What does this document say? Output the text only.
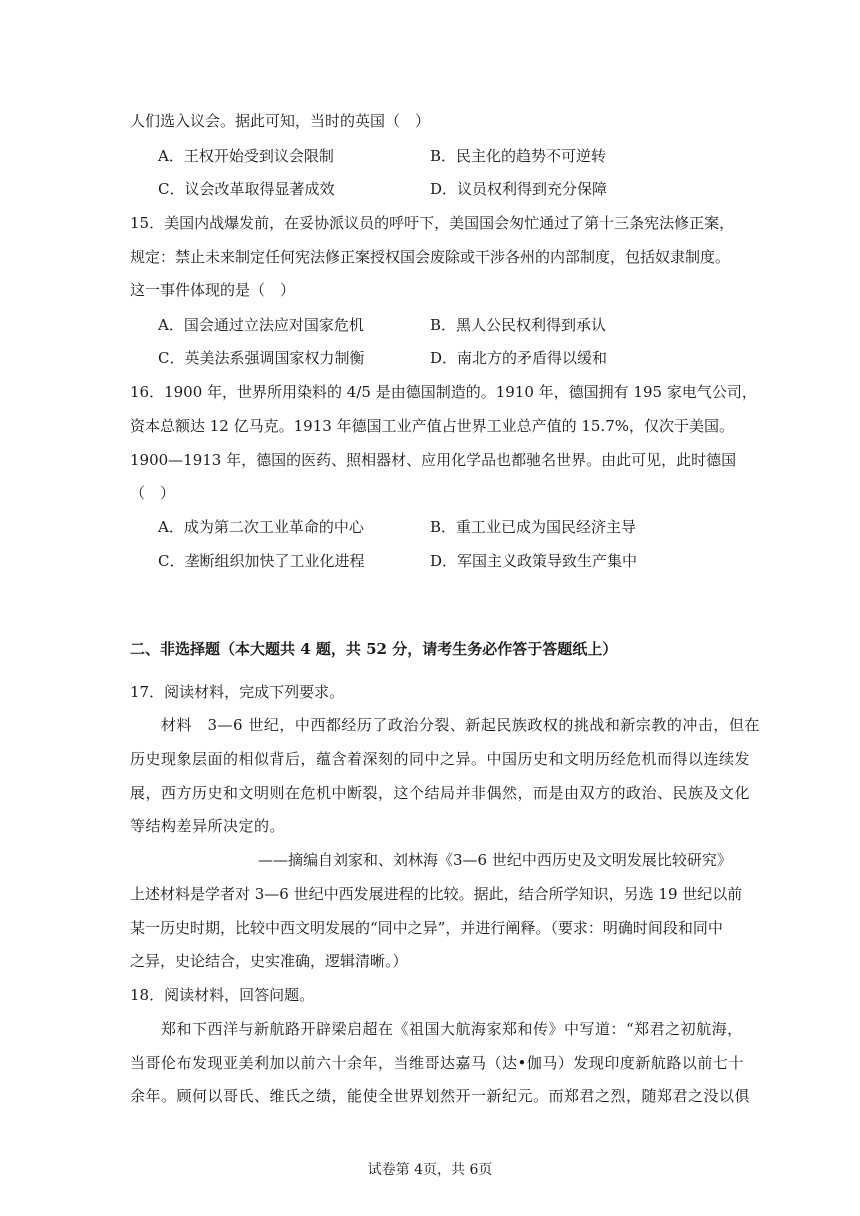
人们选入议会。据此可知，当时的英国（　）
A．王权开始受到议会限制	B．民主化的趋势不可逆转
C．议会改革取得显著成效	D．议员权利得到充分保障
15．美国内战爆发前，在妥协派议员的呼吁下，美国国会匆忙通过了第十三条宪法修正案，
规定：禁止未来制定任何宪法修正案授权国会废除或干涉各州的内部制度，包括奴隶制度。
这一事件体现的是（　）
A．国会通过立法应对国家危机	B．黑人公民权利得到承认
C．英美法系强调国家权力制衡	D．南北方的矛盾得以缓和
16．1900 年，世界所用染料的 4/5 是由德国制造的。1910 年，德国拥有 195 家电气公司，
资本总额达 12 亿马克。1913 年德国工业产值占世界工业总产值的 15.7%，仅次于美国。
1900—1913 年，德国的医药、照相器材、应用化学品也都驰名世界。由此可见，此时德国
（　）
A．成为第二次工业革命的中心	B．重工业已成为国民经济主导
C．垄断组织加快了工业化进程	D．军国主义政策导致生产集中
二、非选择题（本大题共 4 题，共 52 分，请考生务必作答于答题纸上）
17．阅读材料，完成下列要求。
　　材料　3—6 世纪，中西都经历了政治分裂、新起民族政权的挑战和新宗教的冲击，但在
历史现象层面的相似背后，蕴含着深刻的同中之异。中国历史和文明历经危机而得以连续发
展，西方历史和文明则在危机中断裂，这个结局并非偶然，而是由双方的政治、民族及文化
等结构差异所决定的。
——摘编自刘家和、刘林海《3—6 世纪中西历史及文明发展比较研究》
上述材料是学者对 3—6 世纪中西发展进程的比较。据此，结合所学知识，另选 19 世纪以前
某一历史时期，比较中西文明发展的“同中之异”，并进行阐释。（要求：明确时间段和同中
之异，史论结合，史实准确，逻辑清晰。）
18．阅读材料，回答问题。
　　郑和下西洋与新航路开辟梁启超在《祖国大航海家郑和传》中写道：“郑君之初航海，
当哥伦布发现亚美利加以前六十余年，当维哥达嘉马（达•伽马）发现印度新航路以前七十
余年。顾何以哥氏、维氏之绩，能使全世界划然开一新纪元。而郑君之烈，随郑君之没以俱
试卷第 4页，共 6页
